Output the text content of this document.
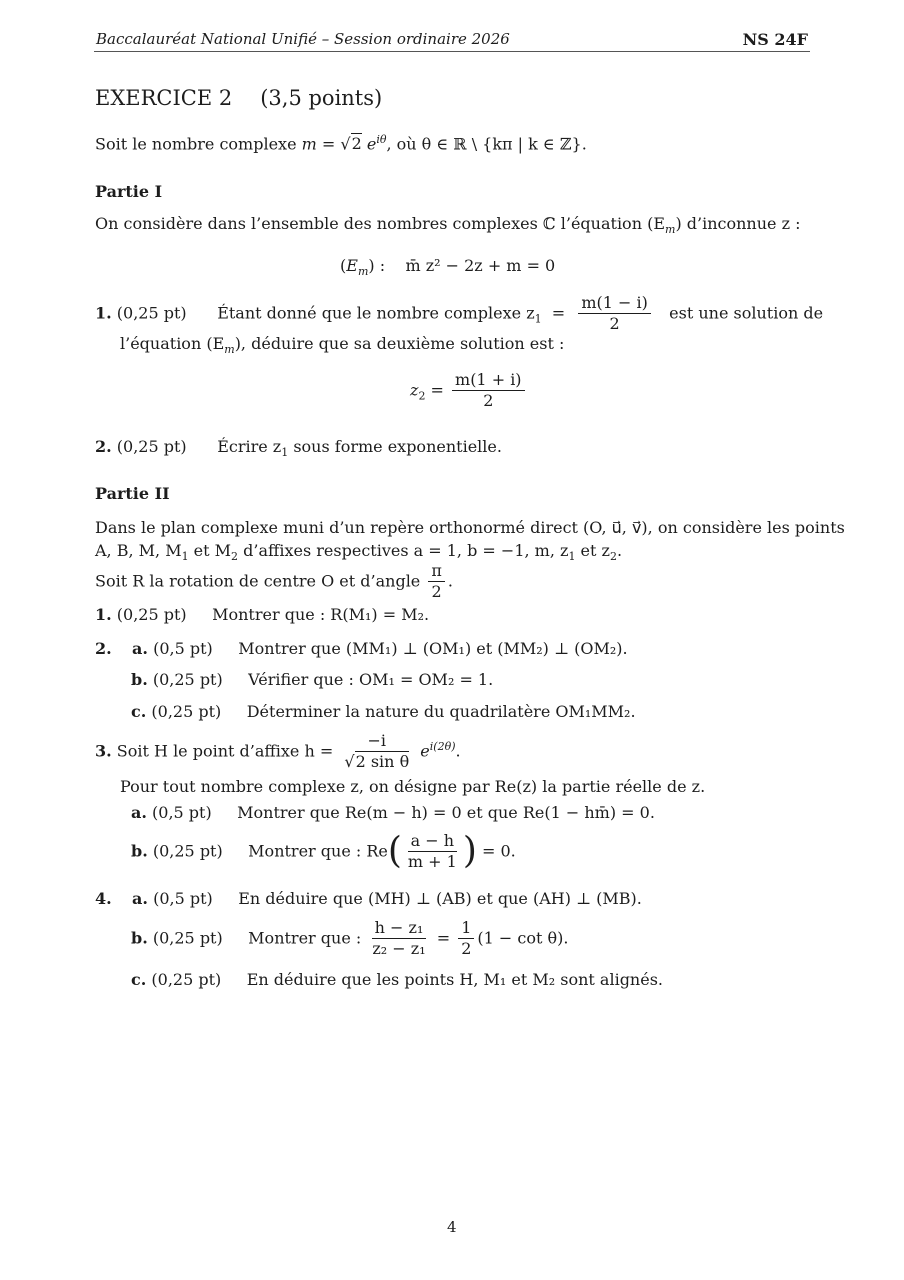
Baccalauréat National Unifié – Session ordinaire 2026	NS 24F
EXERCICE 2 (3,5 points)
Soit le nombre complexe m = √2 $e^{i\theta}$, où θ ∈ ℝ \ {kπ | k ∈ ℤ}.
Partie I
On considère dans l’ensemble des nombres complexes ℂ l’équation $(E_m)$ d’inconnue z :
$(E_m)$ :    m̄ z² − 2z + m = 0
1. (0,25 pt) Étant donné que le nombre complexe $z_1 = \frac{m(1 - i)}{2}$ est une solution de
l’équation $(E_m)$, déduire que sa deuxième solution est :
$z_2 = \frac{m(1 + i)}{2}$
2. (0,25 pt) Écrire $z_1$ sous forme exponentielle.
Partie II
Dans le plan complexe muni d’un repère orthonormé direct (O, u⃗, v⃗), on considère les points
A, B, M, $M_1$ et $M_2$ d’affixes respectives a = 1, b = −1, m, $z_1$ et $z_2$.
Soit R la rotation de centre O et d’angle $\frac{\pi}{2}$ .
1. (0,25 pt) Montrer que : R(M₁) = M₂.
2. a. (0,5 pt) Montrer que (MM₁) ⊥ (OM₁) et (MM₂) ⊥ (OM₂).
b. (0,25 pt) Vérifier que : OM₁ = OM₂ = 1.
c. (0,25 pt) Déterminer la nature du quadrilatère OM₁MM₂.
3. Soit H le point d’affixe $h = \frac{-i}{\text{√2 sin θ}} e^{i(2\theta)}$.
Pour tout nombre complexe z, on désigne par Re(z) la partie réelle de z.
a. (0,5 pt) Montrer que Re(m − h) = 0 et que Re(1 − hm̄) = 0.
b. (0,25 pt) Montrer que : $Re( \frac{a - h}{m + 1}$ ) = 0.
4. a. (0,5 pt) En déduire que (MH) ⊥ (AB) et que (AH) ⊥ (MB).
b. (0,25 pt) Montrer que : $\frac{\text{h − z₁}}{\text{z₂ − z₁}} = \frac{1}{2} (1 - \cot \theta)$.
c. (0,25 pt) En déduire que les points H, M₁ et M₂ sont alignés.
4
